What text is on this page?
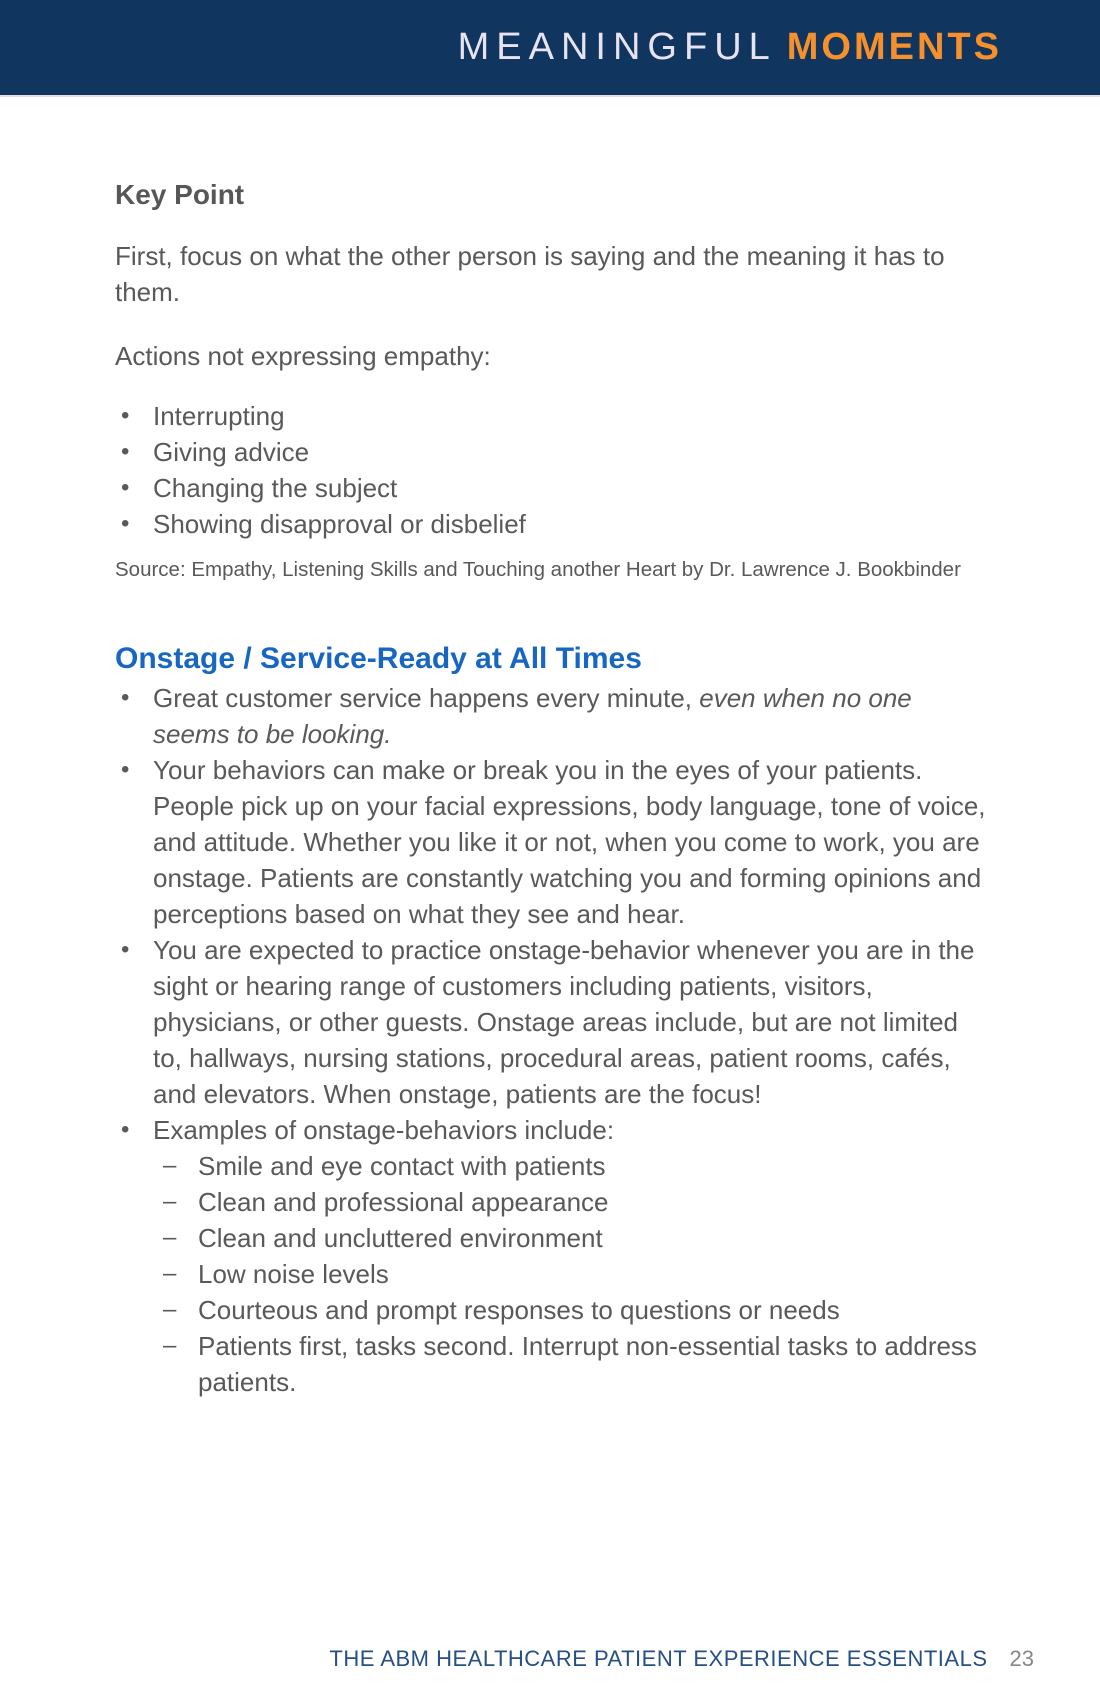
MEANINGFUL MOMENTS
Key Point

First, focus on what the other person is saying and the meaning it has to them.

Actions not expressing empathy:

• Interrupting
• Giving advice
• Changing the subject
• Showing disapproval or disbelief

Source: Empathy, Listening Skills and Touching another Heart by Dr. Lawrence J. Bookbinder

Onstage / Service-Ready at All Times
• Great customer service happens every minute, even when no one seems to be looking.
• Your behaviors can make or break you in the eyes of your patients. People pick up on your facial expressions, body language, tone of voice, and attitude. Whether you like it or not, when you come to work, you are onstage. Patients are constantly watching you and forming opinions and perceptions based on what they see and hear.
• You are expected to practice onstage-behavior whenever you are in the sight or hearing range of customers including patients, visitors, physicians, or other guests. Onstage areas include, but are not limited to, hallways, nursing stations, procedural areas, patient rooms, cafés, and elevators. When onstage, patients are the focus!
• Examples of onstage-behaviors include:
– Smile and eye contact with patients
– Clean and professional appearance
– Clean and uncluttered environment
– Low noise levels
– Courteous and prompt responses to questions or needs
– Patients first, tasks second. Interrupt non-essential tasks to address patients.
THE ABM HEALTHCARE PATIENT EXPERIENCE ESSENTIALS 23
